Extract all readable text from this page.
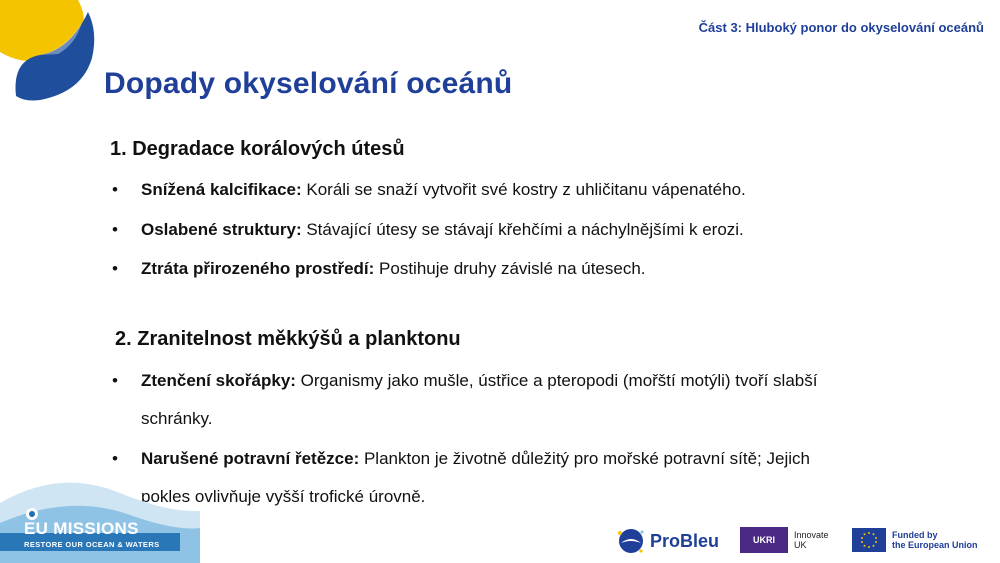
Část 3: Hluboký ponor do okyselování oceánů
Dopady okyselování oceánů
1. Degradace korálových útesů
• Snížená kalcifikace: Koráli se snaží vytvořit své kostry z uhličitanu vápenatého.
• Oslabené struktury: Stávající útesy se stávají křehčími a náchylnějšími k erozi.
• Ztráta přirozeného prostředí: Postihuje druhy závislé na útesech.
2. Zranitelnost měkkýšů a planktonu
• Ztenčení skořápky: Organismy jako mušle, ústřice a pteropodi (mořští motýli) tvoří slabší schránky.
• Narušené potravní řetězce: Plankton je životně důležitý pro mořské potravní sítě; Jejich pokles ovlivňuje vyšší trofické úrovně.
EU MISSIONS
RESTORE OUR OCEAN & WATERS	ProBleu	UKRI Innovate
UK
Funded by
the European Union
